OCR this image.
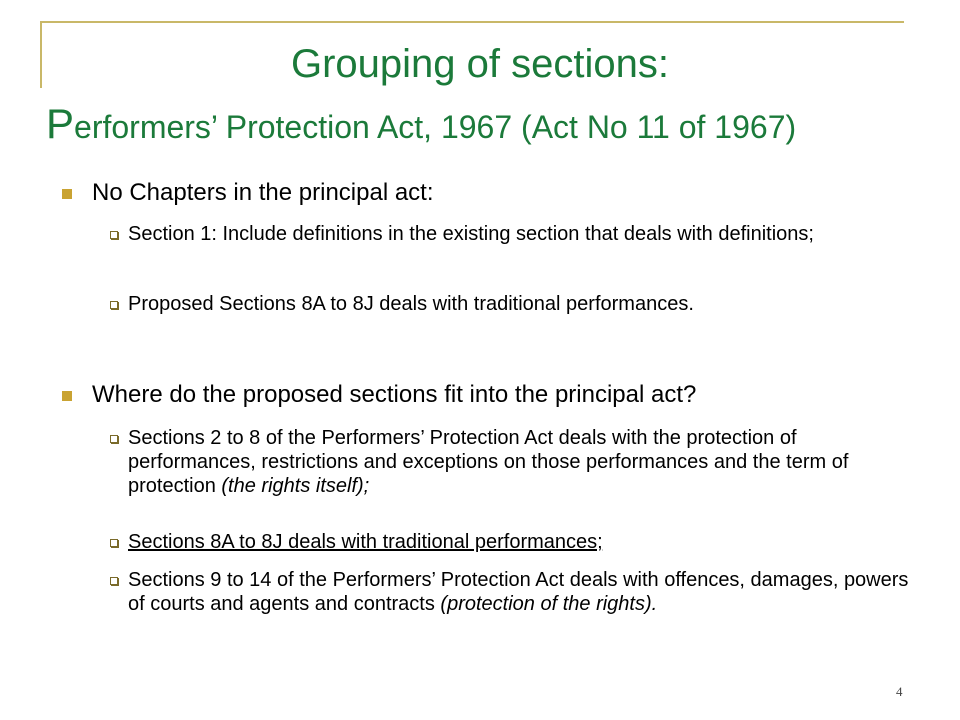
Grouping of sections:
Performers’ Protection Act, 1967 (Act No 11 of 1967)
No Chapters in the principal act:
Section 1: Include definitions in the existing section that deals with definitions;
Proposed Sections 8A to 8J deals with traditional performances.
Where do the proposed sections fit into the principal act?
Sections 2 to 8 of the Performers’ Protection Act deals with the protection of performances, restrictions and exceptions on those performances and the term of protection (the rights itself);
Sections 8A to 8J deals with traditional performances;
Sections 9 to 14 of the Performers’ Protection Act deals with offences, damages, powers of courts and agents and contracts (protection of the rights).
4
